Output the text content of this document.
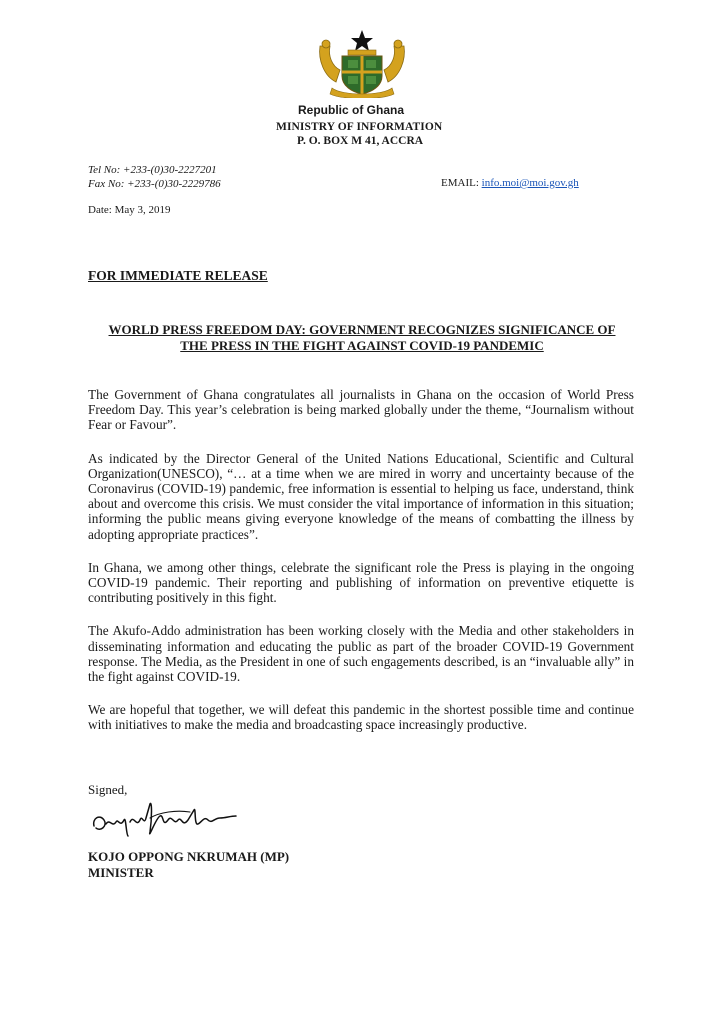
Republic of Ghana
MINISTRY OF INFORMATION
P. O. BOX M 41, ACCRA
Tel No: +233-(0)30-2227201
Fax No: +233-(0)30-2229786	EMAIL: info.moi@moi.gov.gh
Date: May 3, 2019
FOR IMMEDIATE RELEASE
WORLD PRESS FREEDOM DAY: GOVERNMENT RECOGNIZES SIGNIFICANCE OF THE PRESS IN THE FIGHT AGAINST COVID-19 PANDEMIC

The Government of Ghana congratulates all journalists in Ghana on the occasion of World Press Freedom Day. This year’s celebration is being marked globally under the theme, “Journalism without Fear or Favour”.

As indicated by the Director General of the United Nations Educational, Scientific and Cultural Organization(UNESCO), “… at a time when we are mired in worry and uncertainty because of the Coronavirus (COVID-19) pandemic, free information is essential to helping us face, understand, think about and overcome this crisis. We must consider the vital importance of information in this situation; informing the public means giving everyone knowledge of the means of combatting the illness by adopting appropriate practices”.

In Ghana, we among other things, celebrate the significant role the Press is playing in the ongoing COVID-19 pandemic. Their reporting and publishing of information on preventive etiquette is contributing positively in this fight.

The Akufo-Addo administration has been working closely with the Media and other stakeholders in disseminating information and educating the public as part of the broader COVID-19 Government response. The Media, as the President in one of such engagements described, is an “invaluable ally” in the fight against COVID-19.

We are hopeful that together, we will defeat this pandemic in the shortest possible time and continue with initiatives to make the media and broadcasting space increasingly productive.

Signed,
KOJO OPPONG NKRUMAH (MP)
MINISTER
